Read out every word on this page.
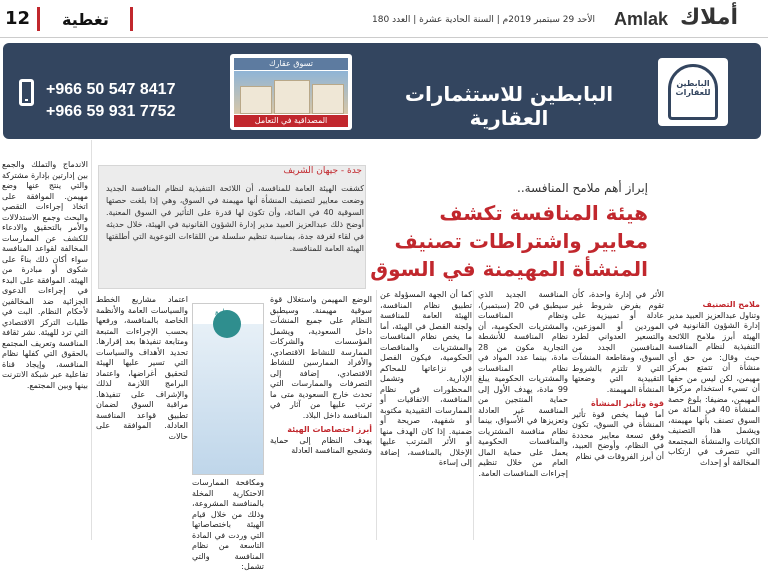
12 تغطية	الأحد 29 سبتمبر 2019م | السنة الحادية عشرة | العدد 180 Amlak أملاك
البابطين للعقارات
البابطين للاستثمارات العقارية
تسوق عقارك
المصداقية في التعامل
+966 50 547 8417
+966 59 931 7752
إبراز أهم ملامح المنافسة..
هيئة المنافسة تكشف
معايير واشتراطات تصنيف
المنشأة المهيمنة في السوق
جدة - جيهان الشريف
كشفت الهيئة العامة للمنافسة، أن اللائحة التنفيذية لنظام المنافسة الجديد وضعت معايير لتصنيف المنشأة أنها مهيمنة في السوق، وهي إذا بلغت حصتها السوقية 40 في المائة، وأن تكون لها قدرة على التأثير في السوق المعنية. أوضح ذلك عبدالعزيز العبيد مدير إدارة الشؤون القانونية في الهيئة، خلال حديثه في لقاء لغرفة جدة، بمناسبة تنظيم سلسلة من اللقاءات التوعوية التي أطلقتها الهيئة العامة للمنافسة.
ملامح التصنيف
وتناول عبدالعزيز العبيد مدير إدارة الشؤون القانونية في الهيئة أبرز ملامح اللائحة التنفيذية لنظام المنافسة حيث وقال: من حق أي منشأة أن تتمتع بمركز مهيمن، لكن ليس من حقها أن تسيء استخدام مركزها المهيمن، مضيفا: بلوغ حصة المنشأة 40 في المائة من السوق تصنف بأنها مهيمنة، ويشمل هذا التصنيف الكيانات والمنشأة المجتمعة التي تتصرف في ارتكاب المخالفة أو إحداث
الأثر في إدارة واحدة، كأن تقوم بفرض شروط غير عادلة أو تمييزية على الموردين أو الموزعين، والتسعير العدواني لطرد المنافسين الجدد من السوق، ومقاطعة المنشآت التي لا تلتزم بالشروط التقييدية التي وضعتها المنشأة المهيمنة.
قوة وتأثير المنشأة
أما فيما يخص قوة تأثير المنشأة في السوق، تكون وفق تسعة معايير محددة في النظام، وأوضح العبيد، أن أبرز الفروقات في نظام
المنافسة الجديد الذي سيطبق في 20 (سبتمبر)، ونظام المنافسات والمشتريات الحكومية، أن نظام المنافسة للأنشطة التجارية مكون من 28 مادة، بينما عدد المواد في نظام المنافسات والمشتريات الحكومية يبلغ 99 مادة، يهدف الأول إلى حماية المنتجين من المنافسة غير العادلة وتعزيزها في الأسواق، بينما نظام منافسة المشتريات والمنافسات الحكومية يعمل على حماية المال العام من خلال تنظيم إجراءات المنافسات العامة.
كما أن الجهة المسؤولة عن تطبيق نظام المنافسة، الهيئة العامة للمنافسة ولجنة الفصل في الهيئة، أما ما يخص نظام المنافسات والمشتريات والمناقصات الحكومية، فيكون الفصل في نزاعاتها للمحاكم الإدارية. وتشمل المحظورات في نظام المنافسة، الاتفاقيات أو الممارسات التقييدية مكتوبة أو شفهية، صريحة أو ضمنية. إذا كان الهدف منها أو الأثر المترتب عليها الإخلال بالمنافسة، إضافة إلى إساءة
الوضع المهيمن واستغلال قوة سوقية مهيمنة. وسيطبق النظام على جميع المنشآت داخل السعودية، ويشمل المؤسسات والشركات الممارسة للنشاط الاقتصادي، والأفراد الممارسين للنشاط الاقتصادي، إضافة إلى التصرفات والممارسات التي تحدث خارج السعودية متى ما ترتب عليها من آثار في المنافسة داخل البلاد.
أبرز اختصاصات الهيئة
يهدف النظام إلى حماية وتشجيع المنافسة العادلة
جامع
ومكافحة الممارسات الاحتكارية المخلة بالمنافسة المشروعة، وذلك من خلال قيام الهيئة باختصاصاتها التي وردت في المادة التاسعة من نظام المنافسة والتي تشمل:
اعتماد مشاريع الخطط والسياسات العامة والأنظمة الخاصة بالمنافسة، ورفعها بحسب الإجراءات المتبعة ومتابعة تنفيذها بعد إقرارها. تحديد الأهداف والسياسات التي تسير عليها الهيئة لتحقيق أغراضها، واعتماد البرامج اللازمة لذلك والإشراف على تنفيذها. مراقبة السوق لضمان تطبيق قواعد المنافسة العادلة. الموافقة على حالات
الاندماج والتملك والجمع بين إدارتين بإدارة مشتركة والتي ينتج عنها وضع مهيمن. الموافقة على اتخاذ إجراءات التقصي والبحث وجمع الاستدلالات والأمر بالتحقيق والادعاء للكشف عن الممارسات المخالفة لقواعد المنافسة سواء أكان ذلك بناءً على شكوى أو مبادرة من الهيئة. الموافقة على البدء في إجراءات الدعوى الجزائية ضد المخالفين لأحكام النظام. البت في طلبات التركز الاقتصادي التي ترد للهيئة. نشر ثقافة المنافسة وتعريف المجتمع بالحقوق التي كفلها نظام المنافسة، وإيجاد قناة تفاعلية عبر شبكة الانترنت بينها وبين المجتمع.
